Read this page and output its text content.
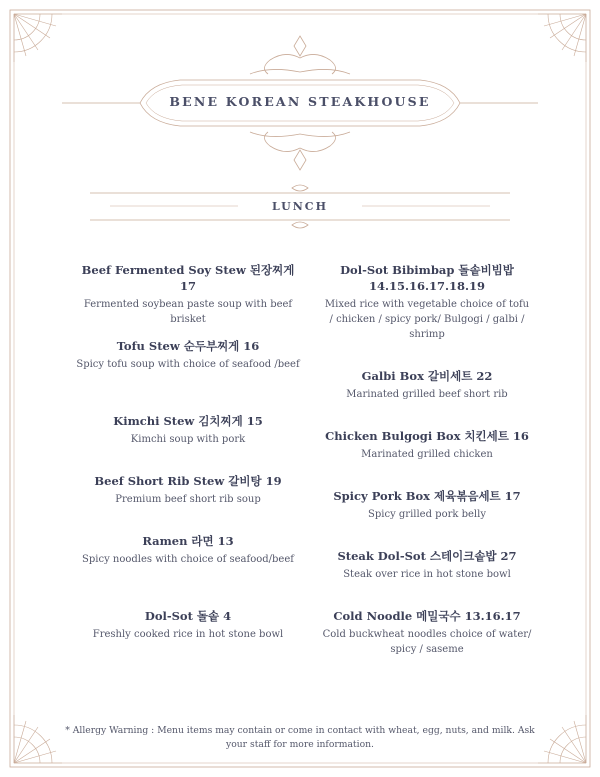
BENE KOREAN STEAKHOUSE
LUNCH
Beef Fermented Soy Stew 된장찌게 17
Fermented soybean paste soup with beef brisket
Tofu Stew 순두부찌게 16
Spicy tofu soup with choice of seafood /beef
Kimchi Stew 김치찌게 15
Kimchi soup with pork
Beef Short Rib Stew 갈비탕 19
Premium beef short rib soup
Ramen 라면 13
Spicy noodles with choice of seafood/beef
Dol-Sot 돌솥 4
Freshly cooked rice in hot stone bowl
Dol-Sot Bibimbap 돌솥비빔밥 14.15.16.17.18.19
Mixed rice with vegetable choice of tofu / chicken / spicy pork/ Bulgogi / galbi / shrimp
Galbi Box 갈비세트 22
Marinated grilled beef short rib
Chicken Bulgogi Box 치킨세트 16
Marinated grilled chicken
Spicy Pork Box 제육볶음세트 17
Spicy grilled pork belly
Steak Dol-Sot 스테이크솥밥 27
Steak over rice in hot stone bowl
Cold Noodle 메밀국수 13.16.17
Cold buckwheat noodles choice of water/ spicy / saseme
* Allergy Warning : Menu items may contain or come in contact with wheat, egg, nuts, and milk. Ask your staff for more information.
